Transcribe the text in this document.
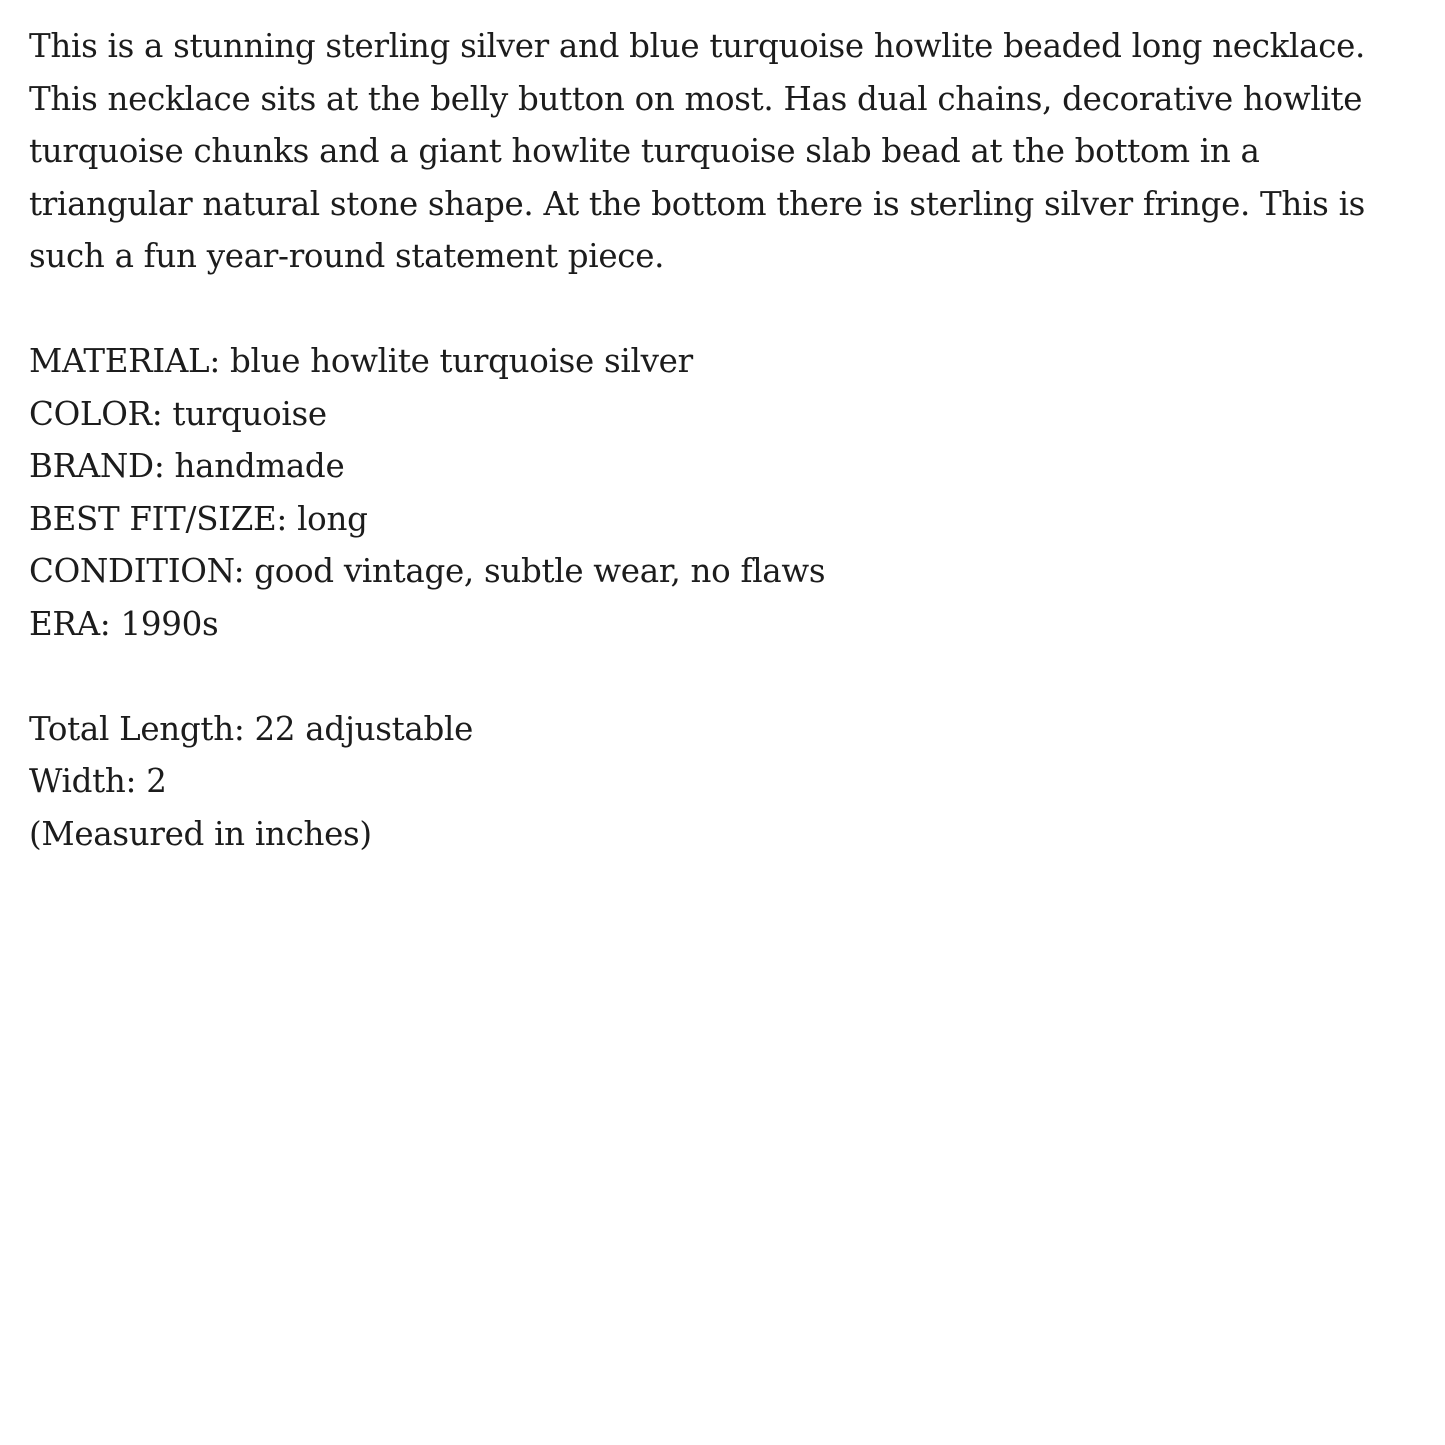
This is a stunning sterling silver and blue turquoise howlite beaded long necklace.
This necklace sits at the belly button on most. Has dual chains, decorative howlite
turquoise chunks and a giant howlite turquoise slab bead at the bottom in a
triangular natural stone shape. At the bottom there is sterling silver fringe. This is
such a fun year-round statement piece.
MATERIAL: blue howlite turquoise silver
COLOR: turquoise
BRAND: handmade
BEST FIT/SIZE: long
CONDITION: good vintage, subtle wear, no flaws
ERA: 1990s
Total Length: 22 adjustable
Width: 2
(Measured in inches)
